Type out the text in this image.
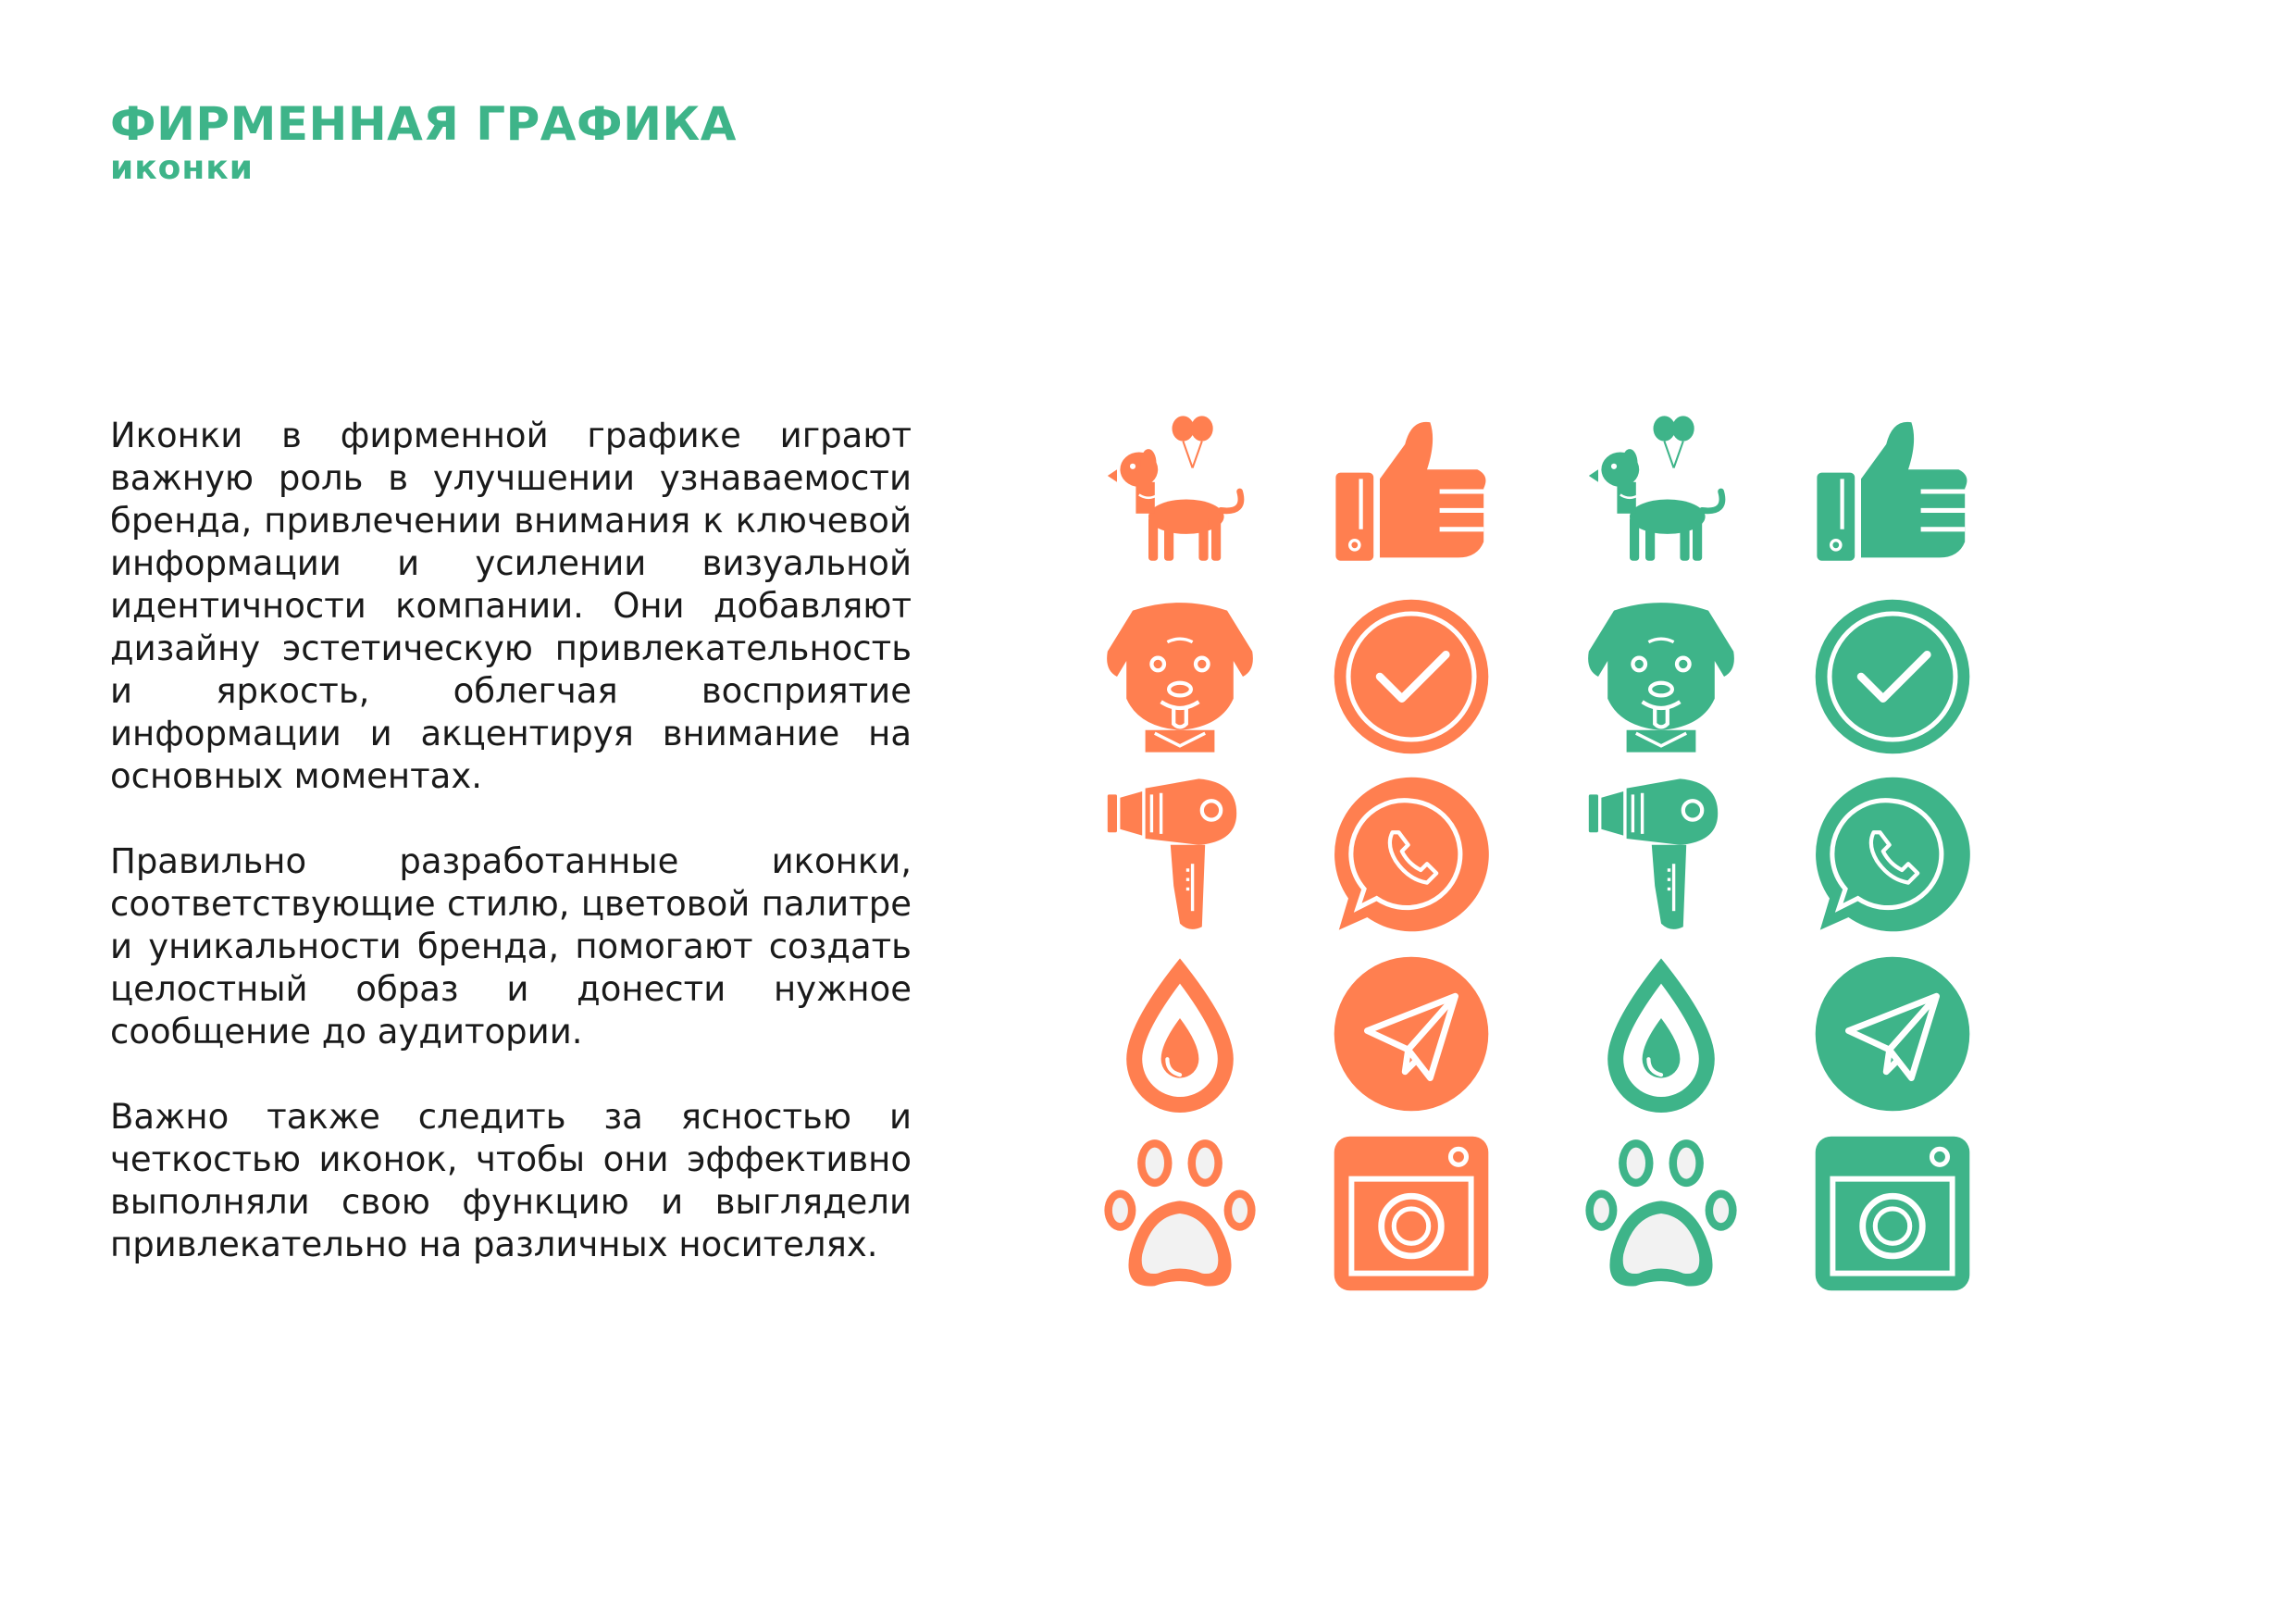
ФИРМЕННАЯ ГРАФИКА
иконки

Иконки в фирменной графике играют важную роль в улучшении узнаваемости бренда, привлечении внимания к ключевой информации и усилении визуальной идентичности компании. Они добавляют дизайну эстетическую привлекательность и яркость, облегчая восприятие информации и акцентируя внимание на основных моментах.

Правильно разработанные иконки, соответствующие стилю, цветовой палитре и уникальности бренда, помогают создать целостный образ и донести нужное сообщение до аудитории.

Важно также следить за ясностью и четкостью иконок, чтобы они эффективно выполняли свою функцию и выглядели привлекательно на различных носителях.
